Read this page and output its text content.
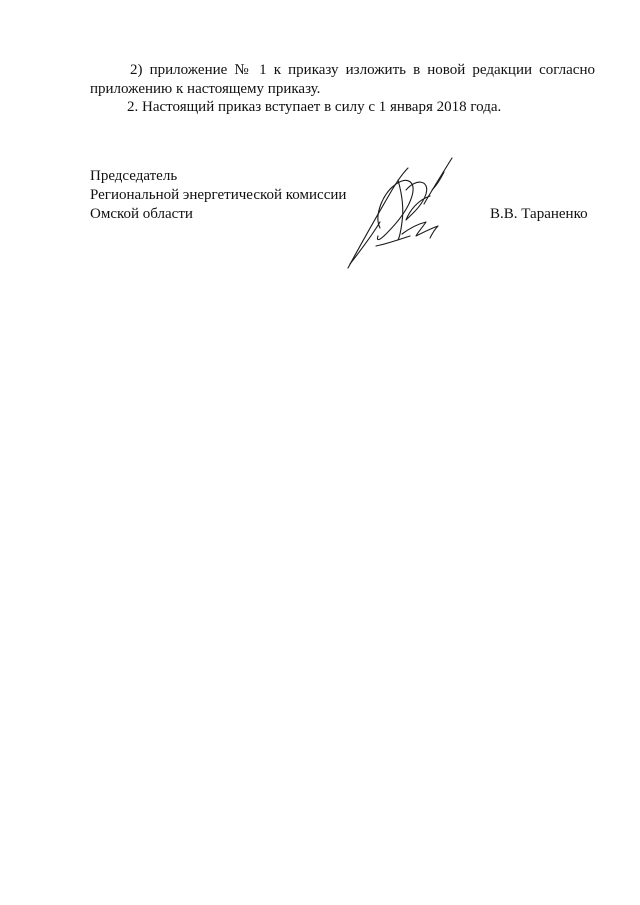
2) приложение № 1 к приказу изложить в новой редакции согласно приложению к настоящему приказу.

2. Настоящий приказ вступает в силу с 1 января 2018 года.

Председатель
Региональной энергетической комиссии
Омской области	В.В. Тараненко
